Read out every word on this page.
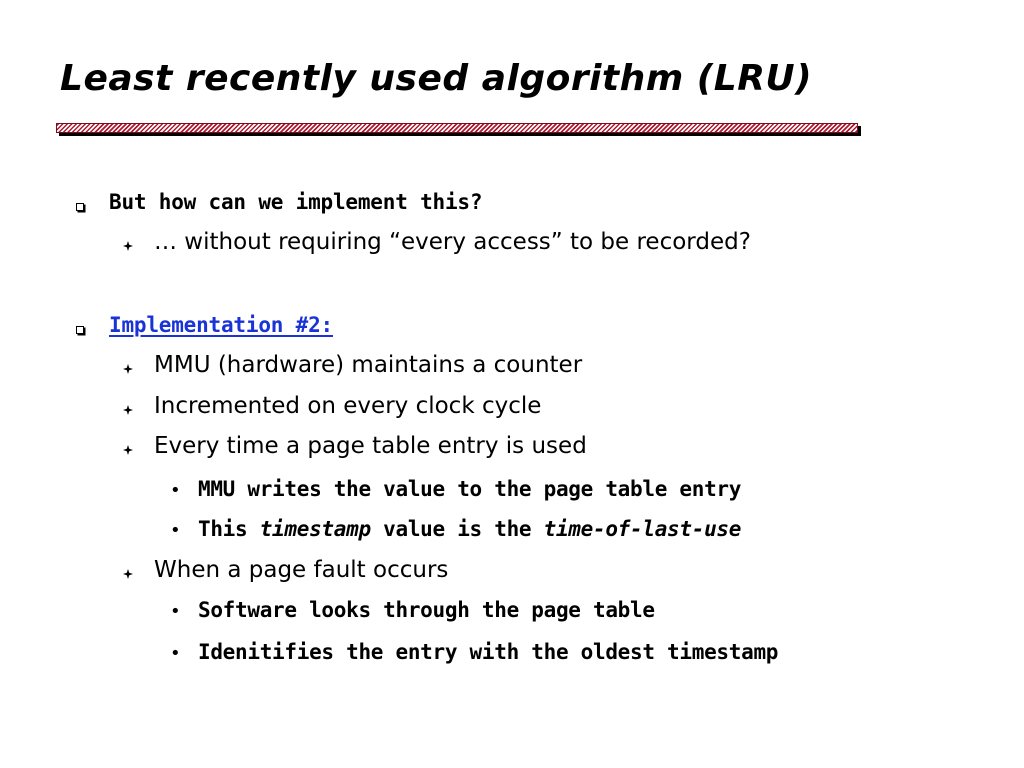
Least recently used algorithm (LRU)
But how can we implement this?
… without requiring “every access” to be recorded?
Implementation #2:
MMU (hardware) maintains a counter
Incremented on every clock cycle
Every time a page table entry is used
• MMU writes the value to the page table entry
• This timestamp value is the time-of-last-use
When a page fault occurs
• Software looks through the page table
• Idenitifies the entry with the oldest timestamp
